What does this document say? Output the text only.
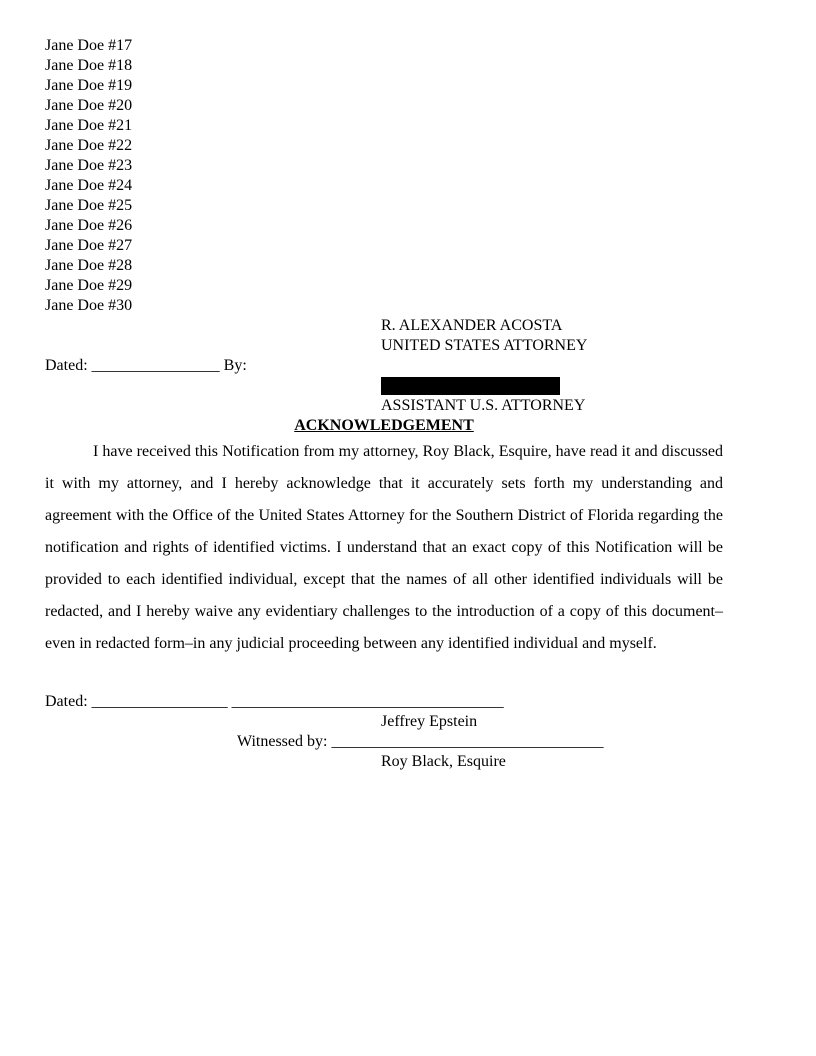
Jane Doe #17
Jane Doe #18
Jane Doe #19
Jane Doe #20
Jane Doe #21
Jane Doe #22
Jane Doe #23
Jane Doe #24
Jane Doe #25
Jane Doe #26
Jane Doe #27
Jane Doe #28
Jane Doe #29
Jane Doe #30
R. ALEXANDER ACOSTA
UNITED STATES ATTORNEY
Dated: ________________ By:
ASSISTANT U.S. ATTORNEY
ACKNOWLEDGEMENT

I have received this Notification from my attorney, Roy Black, Esquire, have read it and discussed it with my attorney, and I hereby acknowledge that it accurately sets forth my understanding and agreement with the Office of the United States Attorney for the Southern District of Florida regarding the notification and rights of identified victims. I understand that an exact copy of this Notification will be provided to each identified individual, except that the names of all other identified individuals will be redacted, and I hereby waive any evidentiary challenges to the introduction of a copy of this document–even in redacted form–in any judicial proceeding between any identified individual and myself.

Dated: _________________ __________________________________
Jeffrey Epstein
Witnessed by: __________________________________
Roy Black, Esquire
